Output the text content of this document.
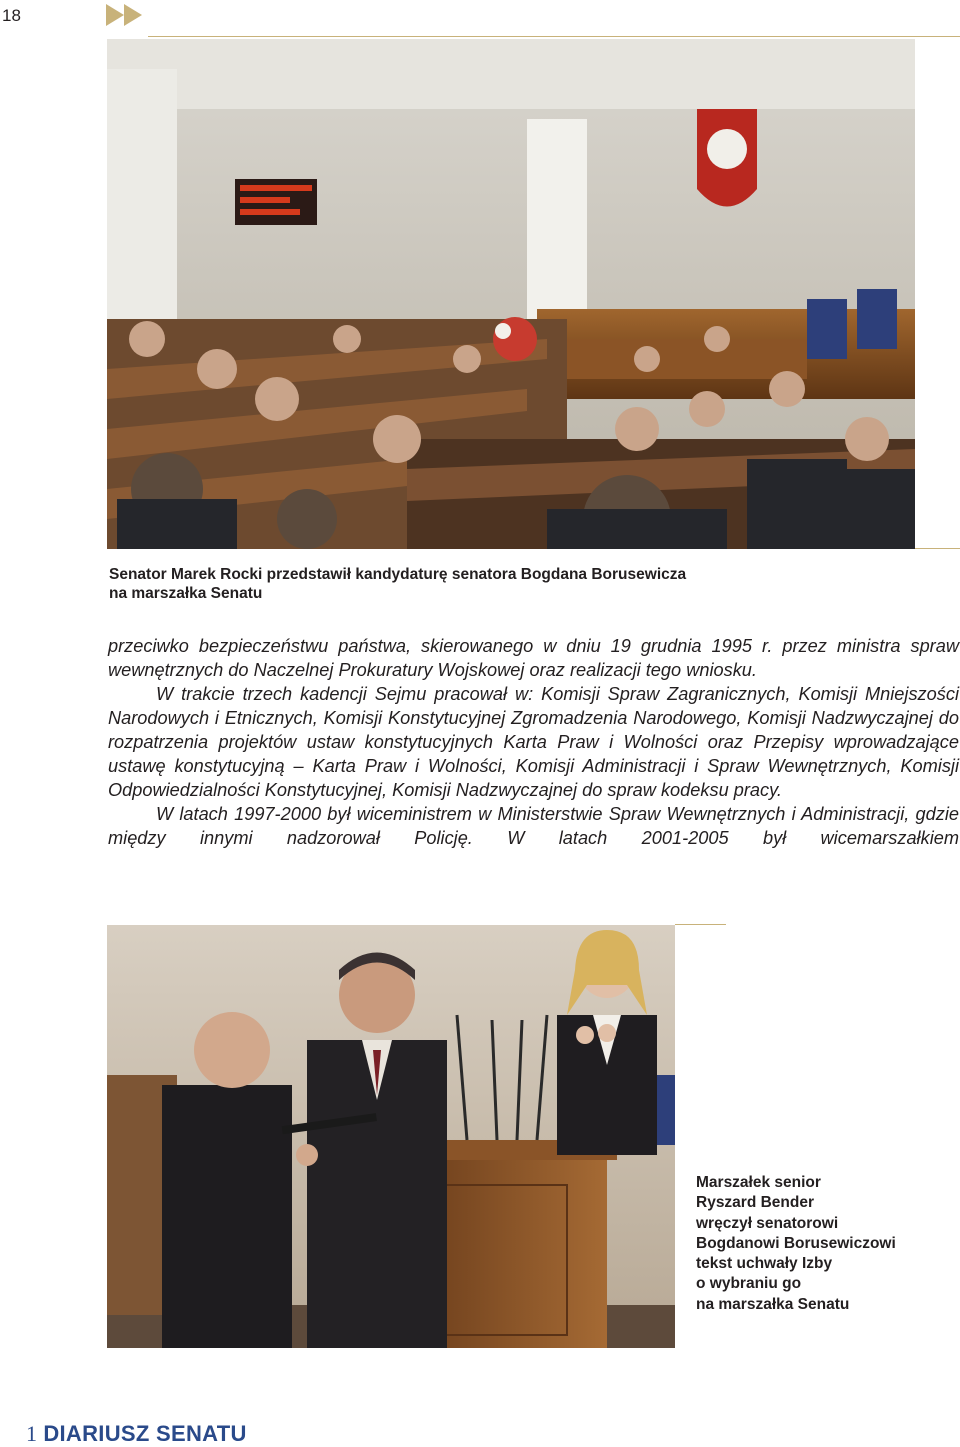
18
Senator Marek Rocki przedstawił kandydaturę senatora Bogdana Borusewicza
na marszałka Senatu

przeciwko bezpieczeństwu państwa, skierowanego w dniu 19 grudnia 1995 r. przez ministra spraw wewnętrznych do Naczelnej Prokuratury Wojskowej oraz realizacji tego wniosku.

W trakcie trzech kadencji Sejmu pracował w: Komisji Spraw Zagranicznych, Komisji Mniejszości Narodowych i Etnicznych, Komisji Konstytucyjnej Zgromadzenia Narodowego, Komisji Nadzwyczajnej do rozpatrzenia projektów ustaw konstytucyjnych Karta Praw i Wolności oraz Przepisy wprowadzające ustawę konstytucyjną – Karta Praw i Wolności, Komisji Administracji i Spraw Wewnętrznych, Komisji Odpowiedzialności Konstytucyjnej, Komisji Nadzwyczajnej do spraw kodeksu pracy.

W latach 1997-2000 był wiceministrem w Ministerstwie Spraw Wewnętrznych i Administracji, gdzie między innymi nadzorował Policję. W latach 2001-2005 był wicemarszałkiem

Marszałek senior
Ryszard Bender
wręczył senatorowi
Bogdanowi Borusewiczowi
tekst uchwały Izby
o wybraniu go
na marszałka Senatu
1 DIARIUSZ SENATU
